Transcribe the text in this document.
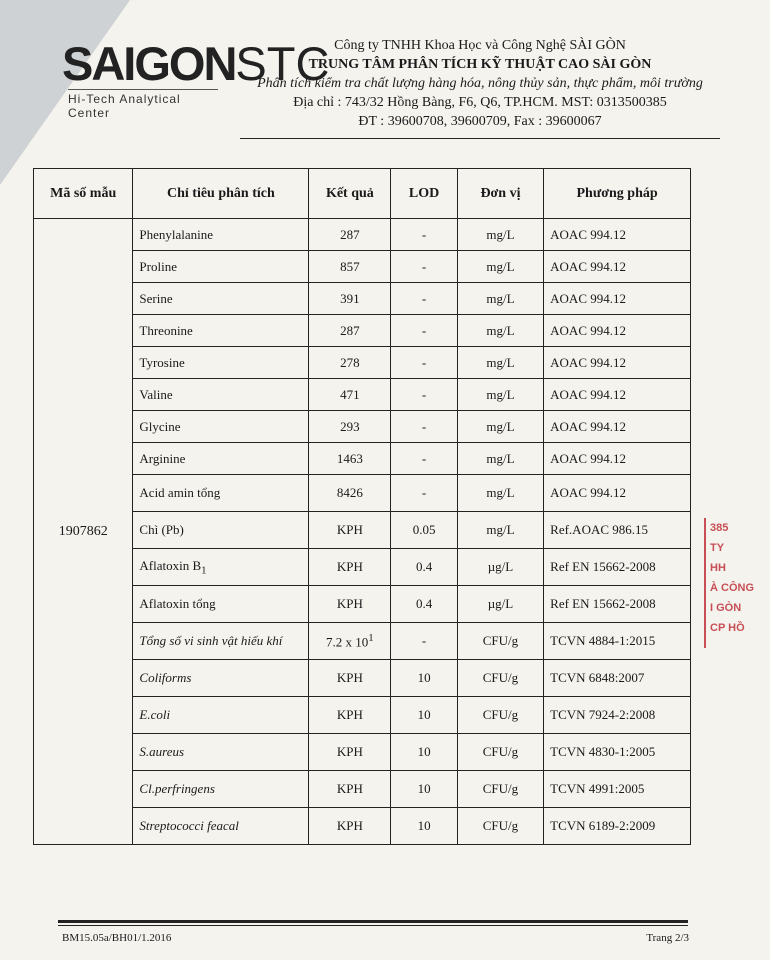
SAIGONSTC
Hi-Tech Analytical Center
Công ty TNHH Khoa Học và Công Nghệ SÀI GÒN
TRUNG TÂM PHÂN TÍCH KỸ THUẬT CAO SÀI GÒN
Phân tích kiểm tra chất lượng hàng hóa, nông thủy sản, thực phẩm, môi trường
Địa chỉ : 743/32 Hồng Bàng, F6, Q6, TP.HCM. MST: 0313500385
ĐT : 39600708, 39600709, Fax : 39600067
Mã số mẫu	Chỉ tiêu phân tích	Kết quả	LOD	Đơn vị	Phương pháp
1907862	Phenylalanine	287	-	mg/L	AOAC 994.12
	Proline	857	-	mg/L	AOAC 994.12
	Serine	391	-	mg/L	AOAC 994.12
	Threonine	287	-	mg/L	AOAC 994.12
	Tyrosine	278	-	mg/L	AOAC 994.12
	Valine	471	-	mg/L	AOAC 994.12
	Glycine	293	-	mg/L	AOAC 994.12
	Arginine	1463	-	mg/L	AOAC 994.12
	Acid amin tổng	8426	-	mg/L	AOAC 994.12
	Chì (Pb)	KPH	0.05	mg/L	Ref.AOAC 986.15
	Aflatoxin $B_1$	KPH	0.4	µg/L	Ref EN 15662-2008
	Aflatoxin tổng	KPH	0.4	µg/L	Ref EN 15662-2008
	Tổng số vi sinh vật hiếu khí	7.2 x $10^1$	-	CFU/g	TCVN 4884-1:2015
	Coliforms	KPH	10	CFU/g	TCVN 6848:2007
	E.coli	KPH	10	CFU/g	TCVN 7924-2:2008
	S.aureus	KPH	10	CFU/g	TCVN 4830-1:2005
	Cl.perfringens	KPH	10	CFU/g	TCVN 4991:2005
	Streptococci feacal	KPH	10	CFU/g	TCVN 6189-2:2009
385
TY
HH
À CÔNG
I GÒN
CP HỒ
BM15.05a/BH01/1.2016	Trang 2/3
